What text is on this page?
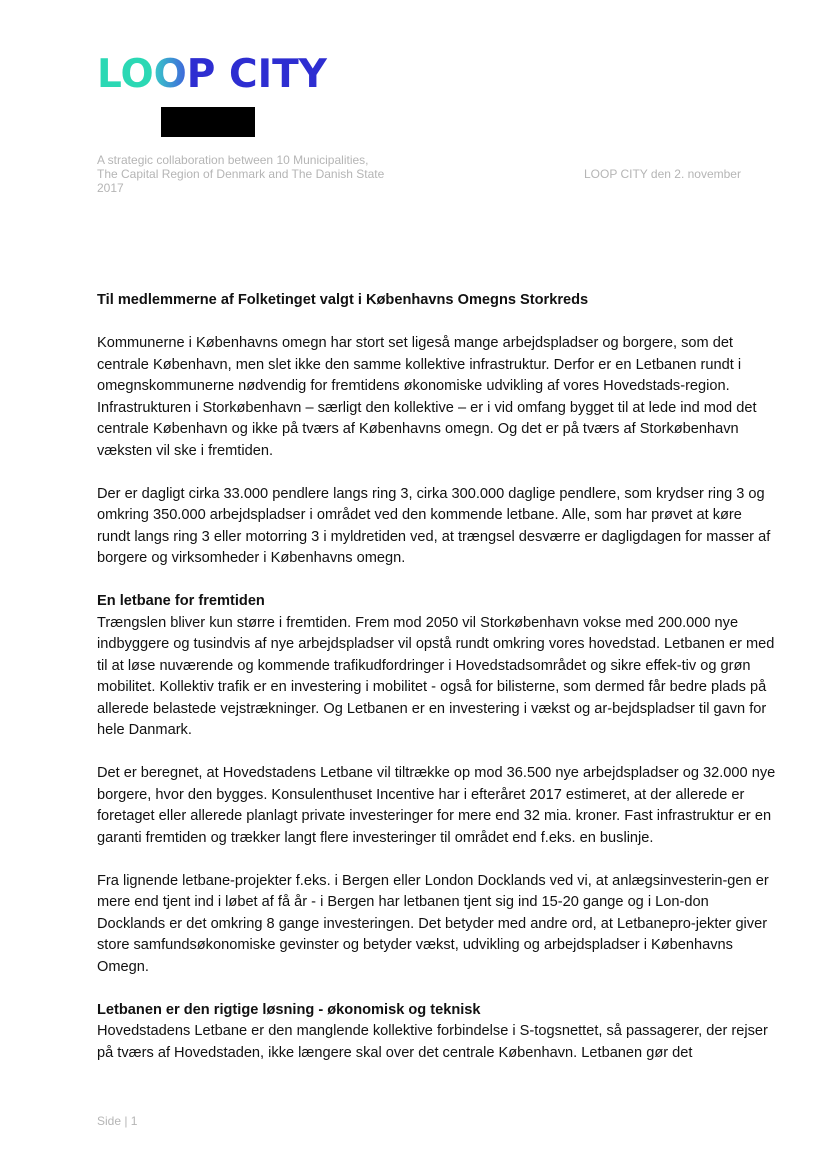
LOOP CITY
A strategic collaboration between 10 Municipalities,
The Capital Region of Denmark and The Danish State
2017
LOOP CITY den 2. november
Til medlemmerne af Folketinget valgt i Københavns Omegns Storkreds

Kommunerne i Københavns omegn har stort set ligeså mange arbejdspladser og borgere, som det centrale København, men slet ikke den samme kollektive infrastruktur. Derfor er en Letbanen rundt i omegnskommunerne nødvendig for fremtidens økonomiske udvikling af vores Hovedstads-region. Infrastrukturen i Storkøbenhavn – særligt den kollektive – er i vid omfang bygget til at lede ind mod det centrale København og ikke på tværs af Københavns omegn. Og det er på tværs af Storkøbenhavn væksten vil ske i fremtiden.

Der er dagligt cirka 33.000 pendlere langs ring 3, cirka 300.000 daglige pendlere, som krydser ring 3 og omkring 350.000 arbejdspladser i området ved den kommende letbane. Alle, som har prøvet at køre rundt langs ring 3 eller motorring 3 i myldretiden ved, at trængsel desværre er dagligdagen for masser af borgere og virksomheder i Københavns omegn.

En letbane for fremtiden

Trængslen bliver kun større i fremtiden. Frem mod 2050 vil Storkøbenhavn vokse med 200.000 nye indbyggere og tusindvis af nye arbejdspladser vil opstå rundt omkring vores hovedstad. Letbanen er med til at løse nuværende og kommende trafikudfordringer i Hovedstadsområdet og sikre effek-tiv og grøn mobilitet. Kollektiv trafik er en investering i mobilitet - også for bilisterne, som dermed får bedre plads på allerede belastede vejstrækninger. Og Letbanen er en investering i vækst og ar-bejdspladser til gavn for hele Danmark.

Det er beregnet, at Hovedstadens Letbane vil tiltrække op mod 36.500 nye arbejdspladser og 32.000 nye borgere, hvor den bygges. Konsulenthuset Incentive har i efteråret 2017 estimeret, at der allerede er foretaget eller allerede planlagt private investeringer for mere end 32 mia. kroner. Fast infrastruktur er en garanti fremtiden og trækker langt flere investeringer til området end f.eks. en buslinje.

Fra lignende letbane-projekter f.eks. i Bergen eller London Docklands ved vi, at anlægsinvesterin-gen er mere end tjent ind i løbet af få år - i Bergen har letbanen tjent sig ind 15-20 gange og i Lon-don Docklands er det omkring 8 gange investeringen. Det betyder med andre ord, at Letbanepro-jekter giver store samfundsøkonomiske gevinster og betyder vækst, udvikling og arbejdspladser i Københavns Omegn.

Letbanen er den rigtige løsning - økonomisk og teknisk

Hovedstadens Letbane er den manglende kollektive forbindelse i S-togsnettet, så passagerer, der rejser på tværs af Hovedstaden, ikke længere skal over det centrale København. Letbanen gør det

Side | 1
